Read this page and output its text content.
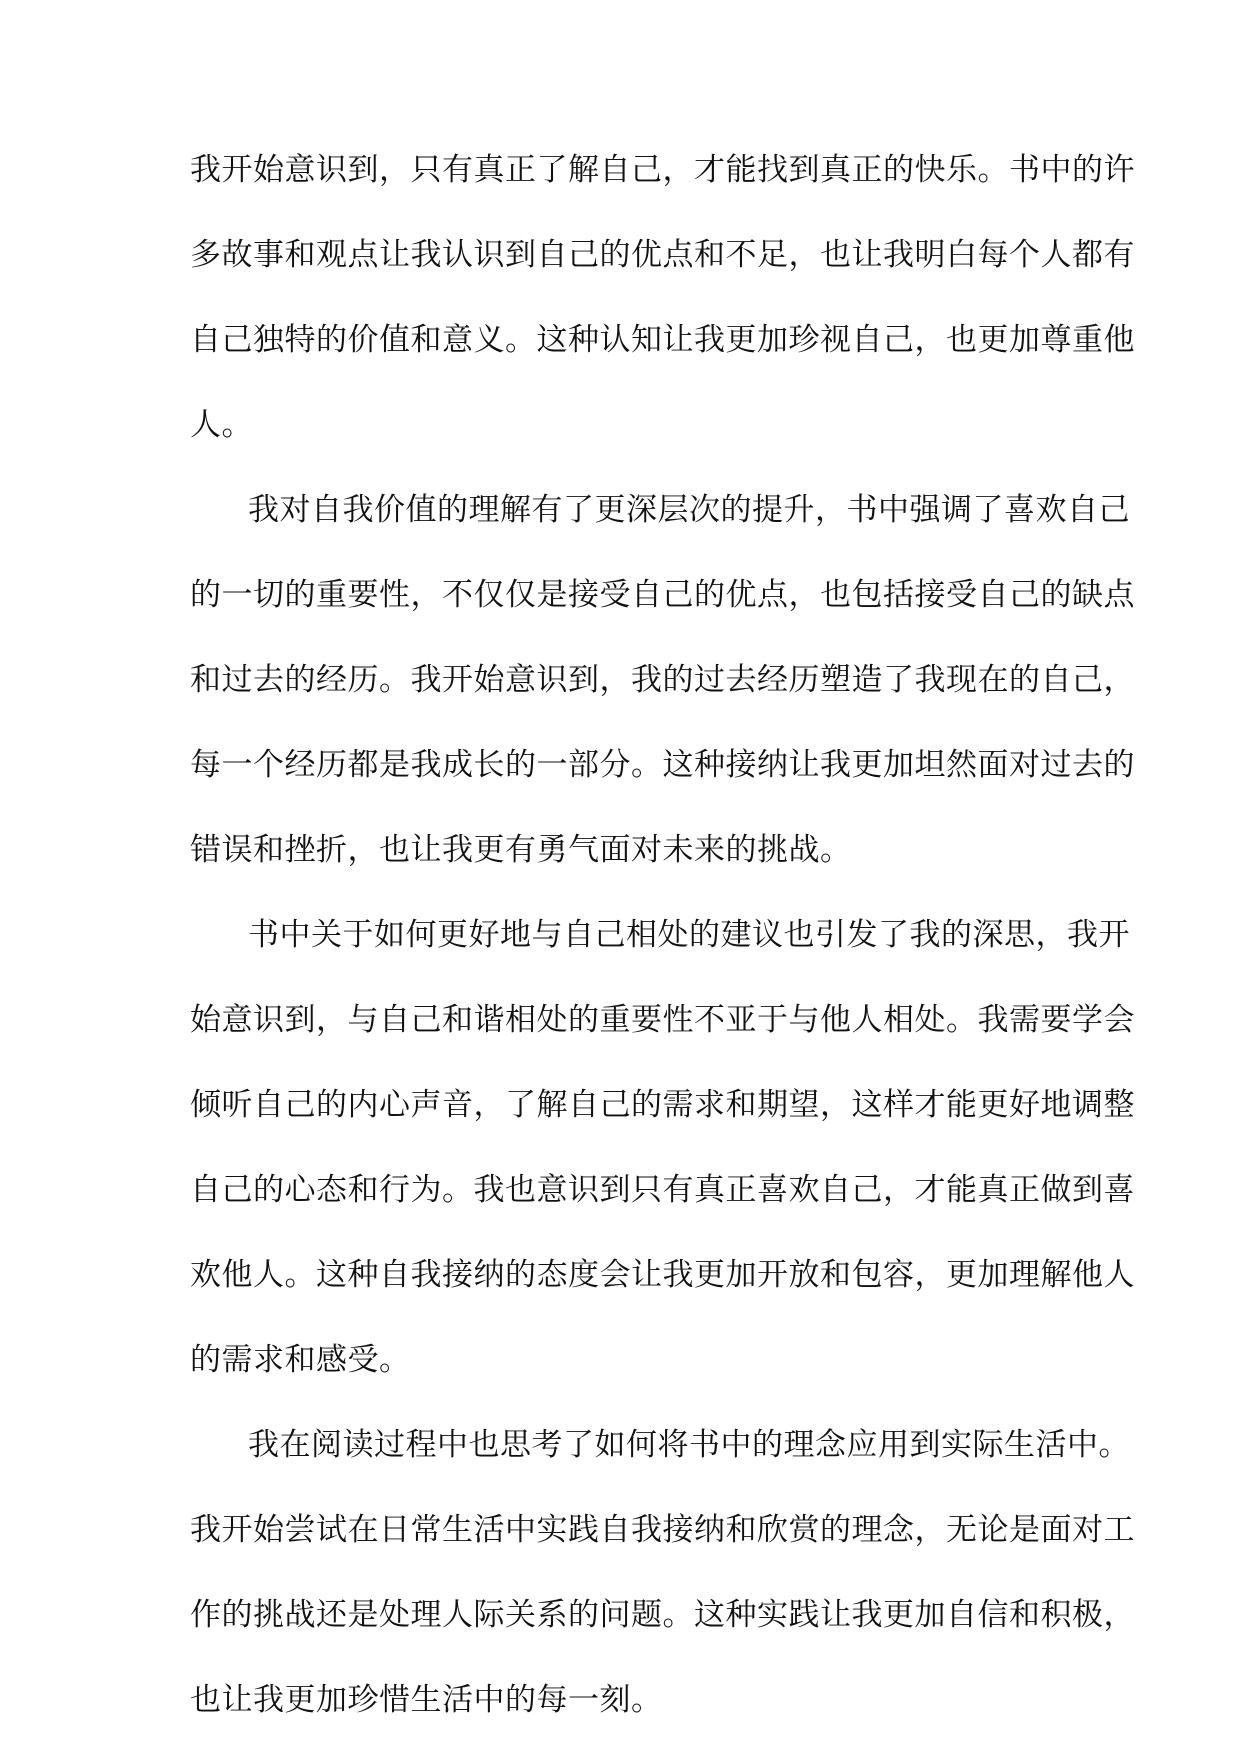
我开始意识到，只有真正了解自己，才能找到真正的快乐。书中的许
多故事和观点让我认识到自己的优点和不足，也让我明白每个人都有
自己独特的价值和意义。这种认知让我更加珍视自己，也更加尊重他
人。
我对自我价值的理解有了更深层次的提升，书中强调了喜欢自己
的一切的重要性，不仅仅是接受自己的优点，也包括接受自己的缺点
和过去的经历。我开始意识到，我的过去经历塑造了我现在的自己，
每一个经历都是我成长的一部分。这种接纳让我更加坦然面对过去的
错误和挫折，也让我更有勇气面对未来的挑战。
书中关于如何更好地与自己相处的建议也引发了我的深思，我开
始意识到，与自己和谐相处的重要性不亚于与他人相处。我需要学会
倾听自己的内心声音，了解自己的需求和期望，这样才能更好地调整
自己的心态和行为。我也意识到只有真正喜欢自己，才能真正做到喜
欢他人。这种自我接纳的态度会让我更加开放和包容，更加理解他人
的需求和感受。
我在阅读过程中也思考了如何将书中的理念应用到实际生活中。
我开始尝试在日常生活中实践自我接纳和欣赏的理念，无论是面对工
作的挑战还是处理人际关系的问题。这种实践让我更加自信和积极，
也让我更加珍惜生活中的每一刻。
